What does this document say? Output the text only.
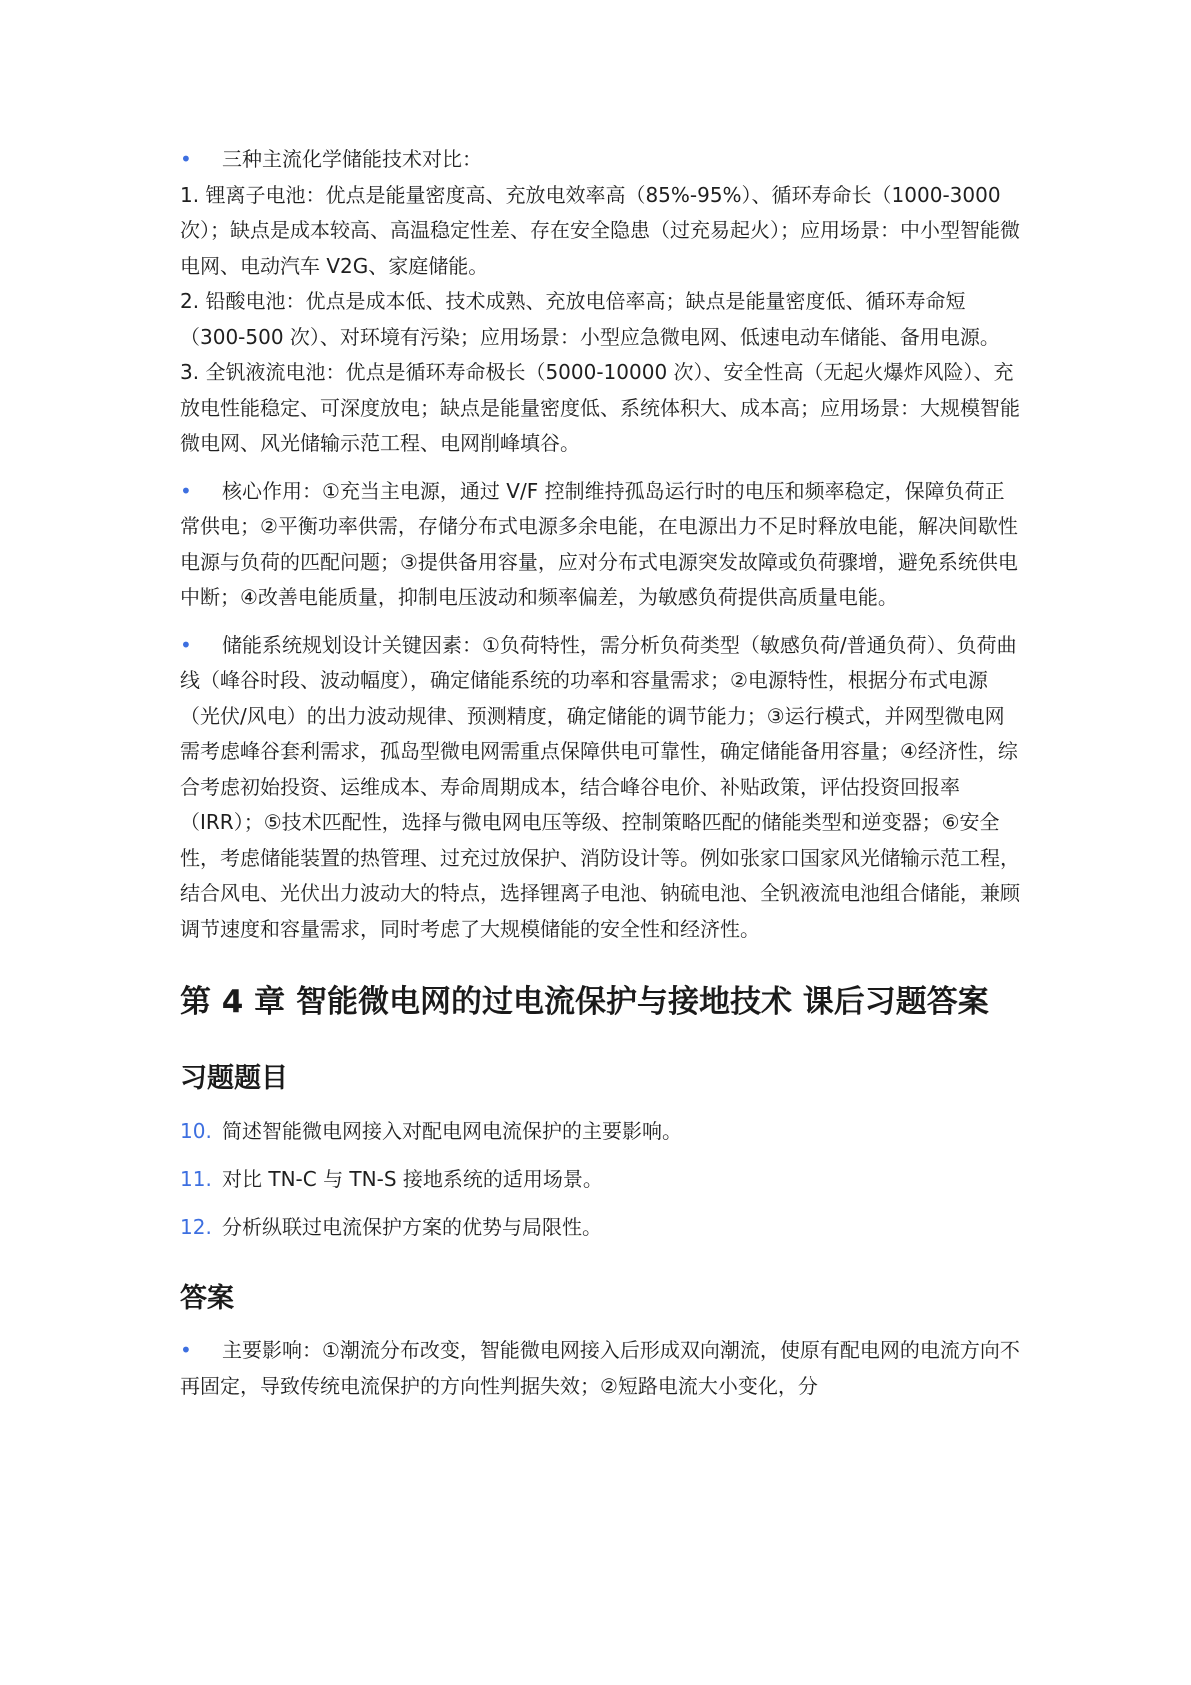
• 三种主流化学储能技术对比：
1. 锂离子电池：优点是能量密度高、充放电效率高（85%-95%）、循环寿命长（1000-3000 次）；缺点是成本较高、高温稳定性差、存在安全隐患（过充易起火）；应用场景：中小型智能微电网、电动汽车 V2G、家庭储能。
2. 铅酸电池：优点是成本低、技术成熟、充放电倍率高；缺点是能量密度低、循环寿命短（300-500 次）、对环境有污染；应用场景：小型应急微电网、低速电动车储能、备用电源。
3. 全钒液流电池：优点是循环寿命极长（5000-10000 次）、安全性高（无起火爆炸风险）、充放电性能稳定、可深度放电；缺点是能量密度低、系统体积大、成本高；应用场景：大规模智能微电网、风光储输示范工程、电网削峰填谷。
• 核心作用：①充当主电源，通过 V/F 控制维持孤岛运行时的电压和频率稳定，保障负荷正常供电；②平衡功率供需，存储分布式电源多余电能，在电源出力不足时释放电能，解决间歇性电源与负荷的匹配问题；③提供备用容量，应对分布式电源突发故障或负荷骤增，避免系统供电中断；④改善电能质量，抑制电压波动和频率偏差，为敏感负荷提供高质量电能。
• 储能系统规划设计关键因素：①负荷特性，需分析负荷类型（敏感负荷/普通负荷）、负荷曲线（峰谷时段、波动幅度），确定储能系统的功率和容量需求；②电源特性，根据分布式电源（光伏/风电）的出力波动规律、预测精度，确定储能的调节能力；③运行模式，并网型微电网需考虑峰谷套利需求，孤岛型微电网需重点保障供电可靠性，确定储能备用容量；④经济性，综合考虑初始投资、运维成本、寿命周期成本，结合峰谷电价、补贴政策，评估投资回报率（IRR）；⑤技术匹配性，选择与微电网电压等级、控制策略匹配的储能类型和逆变器；⑥安全性，考虑储能装置的热管理、过充过放保护、消防设计等。例如张家口国家风光储输示范工程，结合风电、光伏出力波动大的特点，选择锂离子电池、钠硫电池、全钒液流电池组合储能，兼顾调节速度和容量需求，同时考虑了大规模储能的安全性和经济性。
第 4 章 智能微电网的过电流保护与接地技术 课后习题答案
习题题目
10. 简述智能微电网接入对配电网电流保护的主要影响。
11. 对比 TN-C 与 TN-S 接地系统的适用场景。
12. 分析纵联过电流保护方案的优势与局限性。
答案
• 主要影响：①潮流分布改变，智能微电网接入后形成双向潮流，使原有配电网的电流方向不再固定，导致传统电流保护的方向性判据失效；②短路电流大小变化，分
